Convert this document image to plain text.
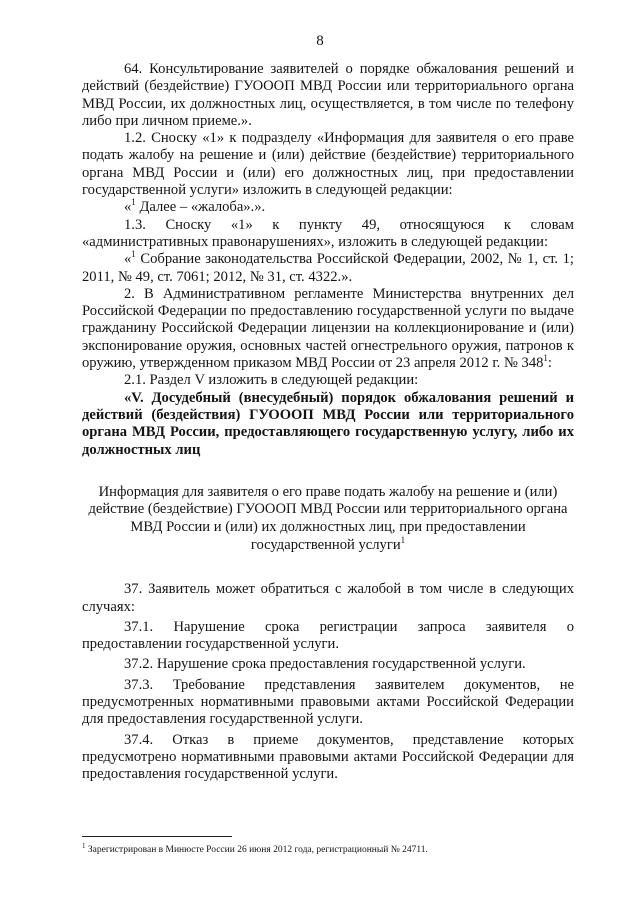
8

64. Консультирование заявителей о порядке обжалования решений и действий (бездействие) ГУОООП МВД России или территориального органа МВД России, их должностных лиц, осуществляется, в том числе по телефону либо при личном приеме.».

1.2. Сноску «1» к подразделу «Информация для заявителя о его праве подать жалобу на решение и (или) действие (бездействие) территориального органа МВД России и (или) его должностных лиц, при предоставлении государственной услуги» изложить в следующей редакции:

«$^1$ Далее – «жалоба».».

1.3. Сноску «1» к пункту 49, относящуюся к словам «административных правонарушениях», изложить в следующей редакции:

«$^1$ Собрание законодательства Российской Федерации, 2002, № 1, ст. 1; 2011, № 49, ст. 7061; 2012, № 31, ст. 4322.».

2. В Административном регламенте Министерства внутренних дел Российской Федерации по предоставлению государственной услуги по выдаче гражданину Российской Федерации лицензии на коллекционирование и (или) экспонирование оружия, основных частей огнестрельного оружия, патронов к оружию, утвержденном приказом МВД России от 23 апреля 2012 г. № $348^1$:

2.1. Раздел V изложить в следующей редакции:

«V. Досудебный (внесудебный) порядок обжалования решений и действий (бездействия) ГУОООП МВД России или территориального органа МВД России, предоставляющего государственную услугу, либо их должностных лиц

Информация для заявителя о его праве подать жалобу на решение и (или) действие (бездействие) ГУОООП МВД России или территориального органа МВД России и (или) их должностных лиц, при предоставлении государственной услуги$^1$

37. Заявитель может обратиться с жалобой в том числе в следующих случаях:

37.1. Нарушение срока регистрации запроса заявителя о предоставлении государственной услуги.

37.2. Нарушение срока предоставления государственной услуги.

37.3. Требование представления заявителем документов, не предусмотренных нормативными правовыми актами Российской Федерации для предоставления государственной услуги.

37.4. Отказ в приеме документов, представление которых предусмотрено нормативными правовыми актами Российской Федерации для предоставления государственной услуги.

$^1$ Зарегистрирован в Минюсте России 26 июня 2012 года, регистрационный № 24711.
